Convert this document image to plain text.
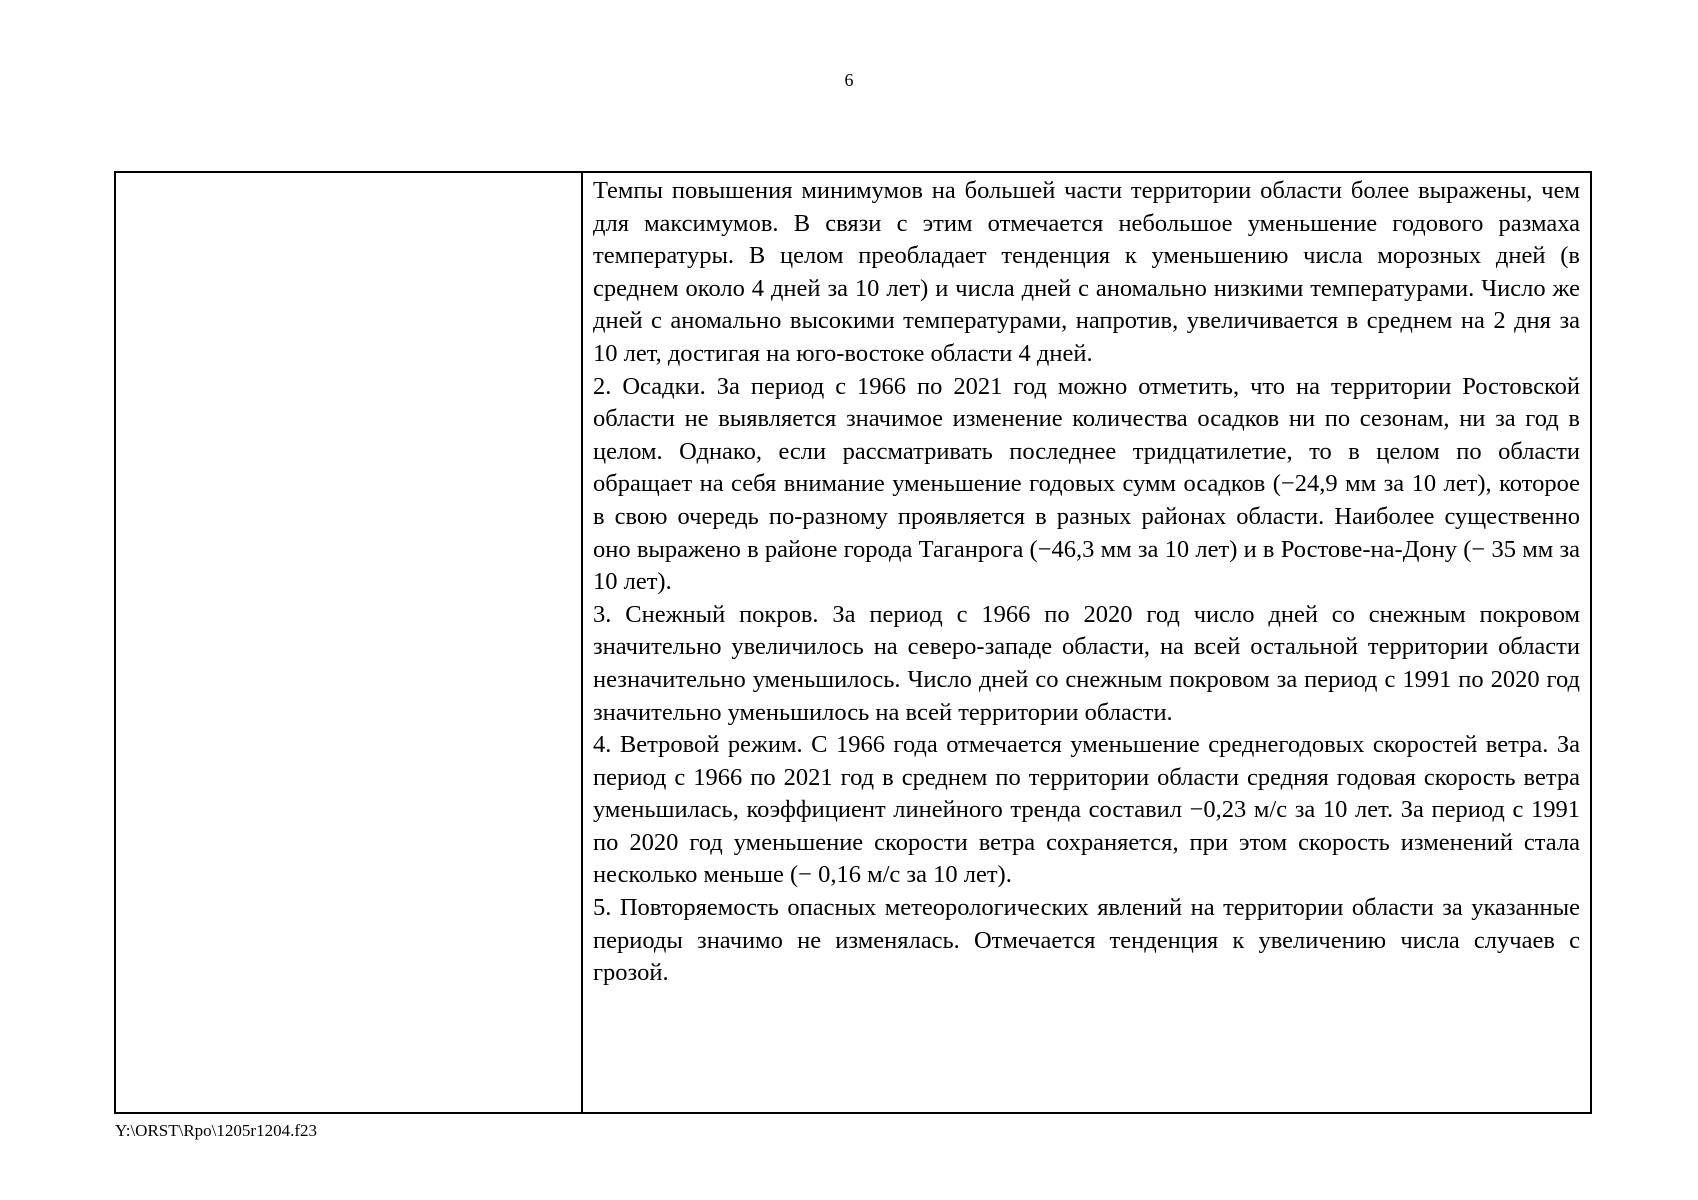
6

Темпы повышения минимумов на большей части территории области более выражены, чем для максимумов. В связи с этим отмечается небольшое уменьшение годового размаха температуры. В целом преобладает тенденция к уменьшению числа морозных дней (в среднем около 4 дней за 10 лет) и числа дней с аномально низкими температурами. Число же дней с аномально высокими температурами, напротив, увеличивается в среднем на 2 дня за 10 лет, достигая на юго-востоке области 4 дней.

2. Осадки. За период с 1966 по 2021 год можно отметить, что на территории Ростовской области не выявляется значимое изменение количества осадков ни по сезонам, ни за год в целом. Однако, если рассматривать последнее тридцатилетие, то в целом по области обращает на себя внимание уменьшение годовых сумм осадков (−24,9 мм за 10 лет), которое в свою очередь по-разному проявляется в разных районах области. Наиболее существенно оно выражено в районе города Таганрога (−46,3 мм за 10 лет) и в Ростове-на-Дону (− 35 мм за 10 лет).

3. Снежный покров. За период с 1966 по 2020 год число дней со снежным покровом значительно увеличилось на северо-западе области, на всей остальной территории области незначительно уменьшилось. Число дней со снежным покровом за период с 1991 по 2020 год значительно уменьшилось на всей территории области.

4. Ветровой режим. С 1966 года отмечается уменьшение среднегодовых скоростей ветра. За период с 1966 по 2021 год в среднем по территории области средняя годовая скорость ветра уменьшилась, коэффициент линейного тренда составил −0,23 м/с за 10 лет. За период с 1991 по 2020 год уменьшение скорости ветра сохраняется, при этом скорость изменений стала несколько меньше (− 0,16 м/с за 10 лет).

5. Повторяемость опасных метеорологических явлений на территории области за указанные периоды значимо не изменялась. Отмечается тенденция к увеличению числа случаев с грозой.

Y:\ORST\Rpo\1205r1204.f23
